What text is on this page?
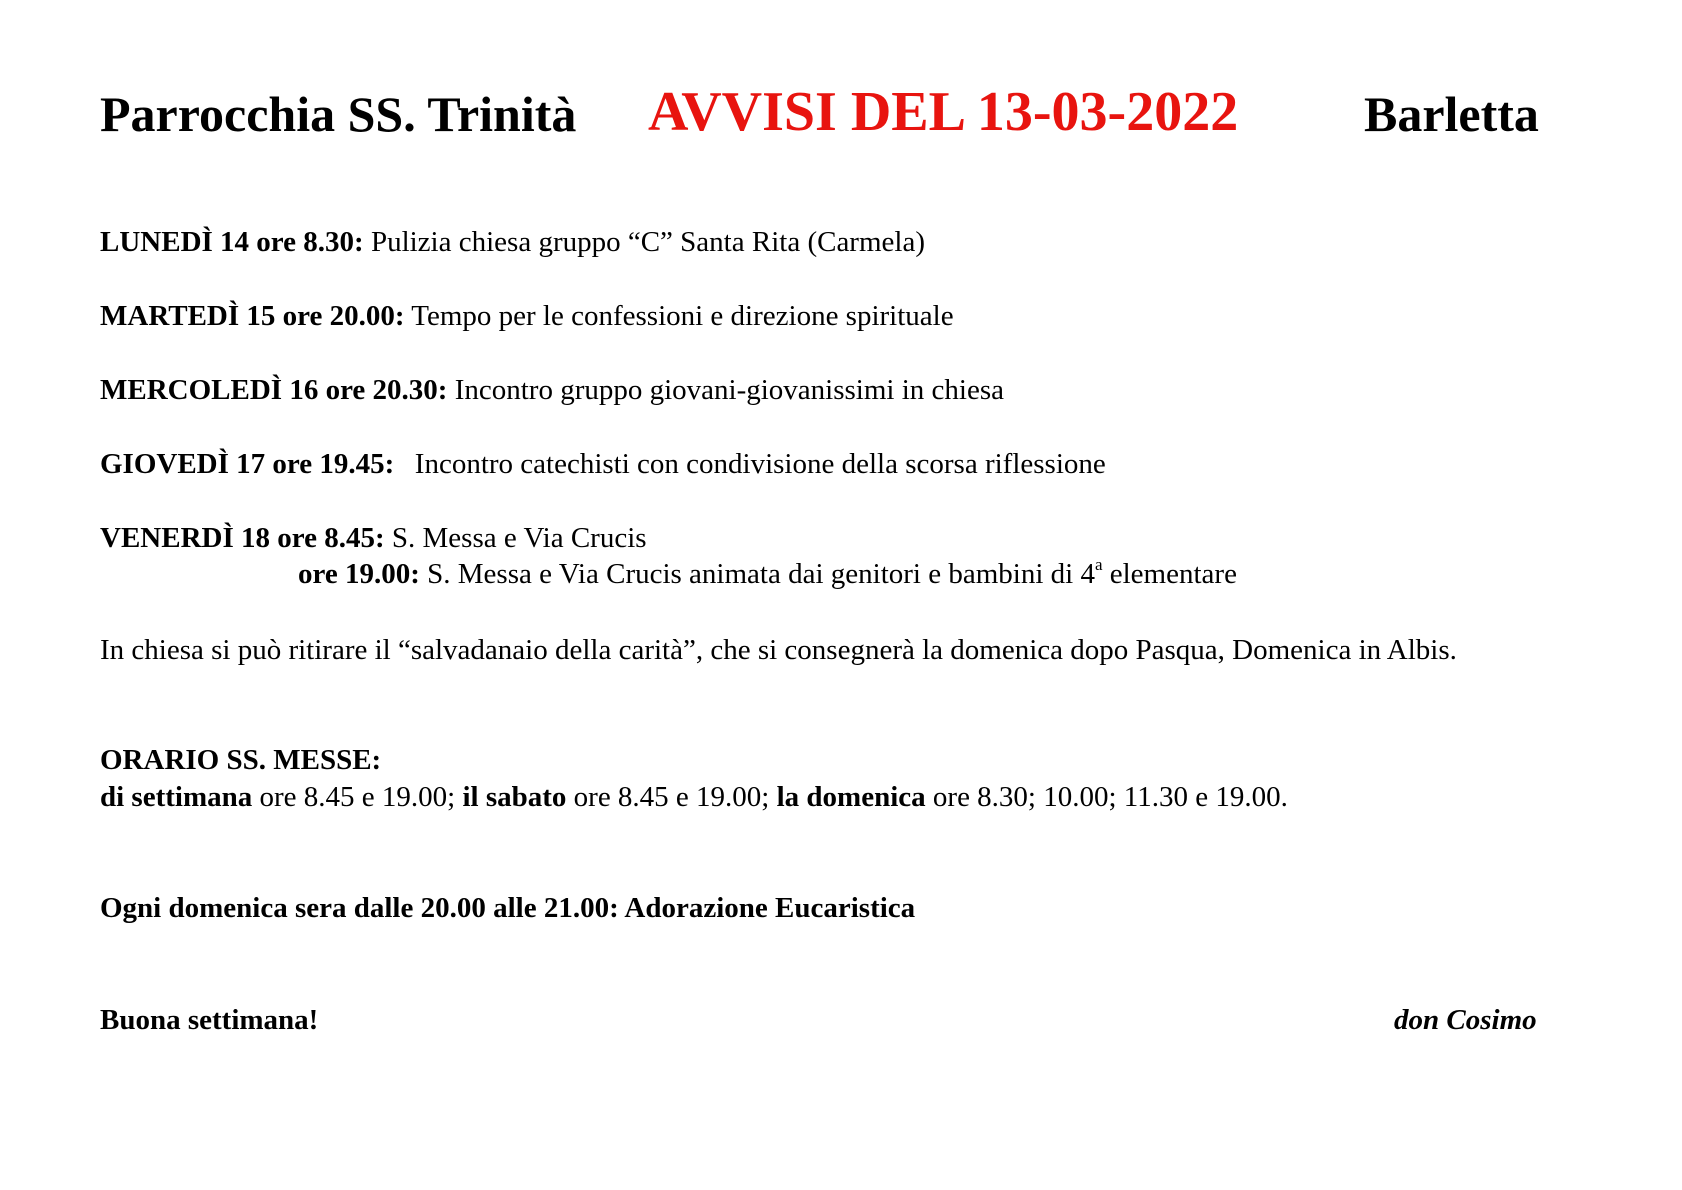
Parrocchia SS. Trinità AVVISI DEL 13-03-2022	Barletta
LUNEDÌ 14 ore 8.30: Pulizia chiesa gruppo “C” Santa Rita (Carmela)
MARTEDÌ 15 ore 20.00: Tempo per le confessioni e direzione spirituale
MERCOLEDÌ 16 ore 20.30: Incontro gruppo giovani-giovanissimi in chiesa
GIOVEDÌ 17 ore 19.45: Incontro catechisti con condivisione della scorsa riflessione
VENERDÌ 18 ore 8.45: S. Messa e Via Crucis
ore 19.00: S. Messa e Via Crucis animata dai genitori e bambini di 4$^a$ elementare
In chiesa si può ritirare il “salvadanaio della carità”, che si consegnerà la domenica dopo Pasqua, Domenica in Albis.
ORARIO SS. MESSE:
di settimana ore 8.45 e 19.00; il sabato ore 8.45 e 19.00; la domenica ore 8.30; 10.00; 11.30 e 19.00.
Ogni domenica sera dalle 20.00 alle 21.00: Adorazione Eucaristica
Buona settimana!	don Cosimo
